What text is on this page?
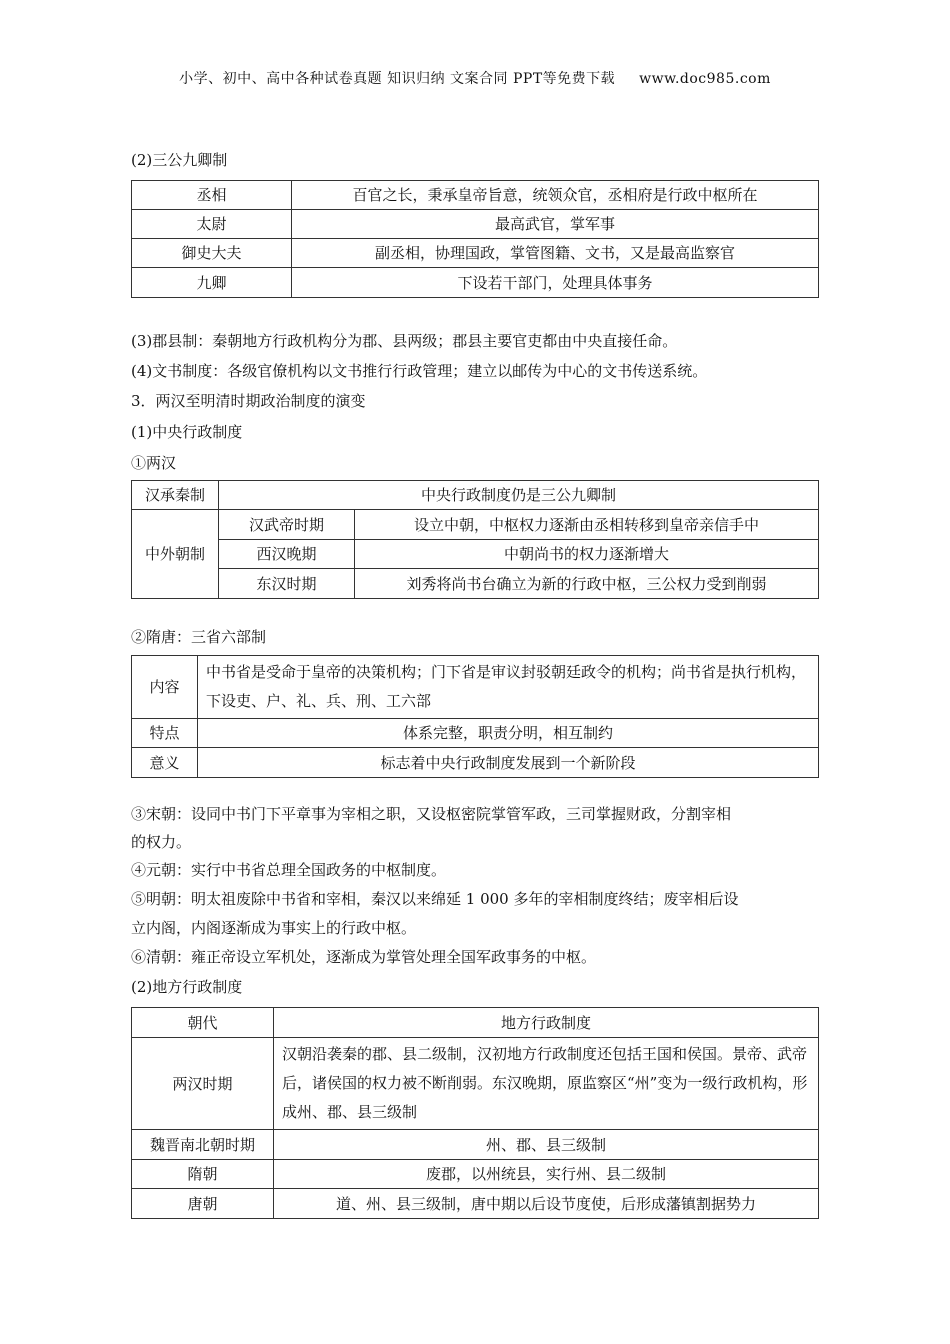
小学、初中、高中各种试卷真题 知识归纳 文案合同 PPT等免费下载 www.doc985.com
(2)三公九卿制
丞相	百官之长，秉承皇帝旨意，统领众官，丞相府是行政中枢所在
太尉	最高武官，掌军事
御史大夫	副丞相，协理国政，掌管图籍、文书，又是最高监察官
九卿	下设若干部门，处理具体事务
(3)郡县制：秦朝地方行政机构分为郡、县两级；郡县主要官吏都由中央直接任命。
(4)文书制度：各级官僚机构以文书推行行政管理；建立以邮传为中心的文书传送系统。
3．两汉至明清时期政治制度的演变
(1)中央行政制度
①两汉
汉承秦制	中央行政制度仍是三公九卿制	
中外朝制	汉武帝时期	设立中朝，中枢权力逐渐由丞相转移到皇帝亲信手中
	西汉晚期	中朝尚书的权力逐渐增大
	东汉时期	刘秀将尚书台确立为新的行政中枢，三公权力受到削弱
②隋唐：三省六部制
内容	中书省是受命于皇帝的决策机构；门下省是审议封驳朝廷政令的机构；尚书省是执行机构，下设吏、户、礼、兵、刑、工六部
特点	体系完整，职责分明，相互制约
意义	标志着中央行政制度发展到一个新阶段
③宋朝：设同中书门下平章事为宰相之职，又设枢密院掌管军政，三司掌握财政，分割宰相
的权力。
④元朝：实行中书省总理全国政务的中枢制度。
⑤明朝：明太祖废除中书省和宰相，秦汉以来绵延 1 000 多年的宰相制度终结；废宰相后设
立内阁，内阁逐渐成为事实上的行政中枢。
⑥清朝：雍正帝设立军机处，逐渐成为掌管处理全国军政事务的中枢。
(2)地方行政制度
朝代	地方行政制度
两汉时期	汉朝沿袭秦的郡、县二级制，汉初地方行政制度还包括王国和侯国。景帝、武帝后，诸侯国的权力被不断削弱。东汉晚期，原监察区“州”变为一级行政机构，形成州、郡、县三级制
魏晋南北朝时期	州、郡、县三级制
隋朝	废郡，以州统县，实行州、县二级制
唐朝	道、州、县三级制，唐中期以后设节度使，后形成藩镇割据势力
